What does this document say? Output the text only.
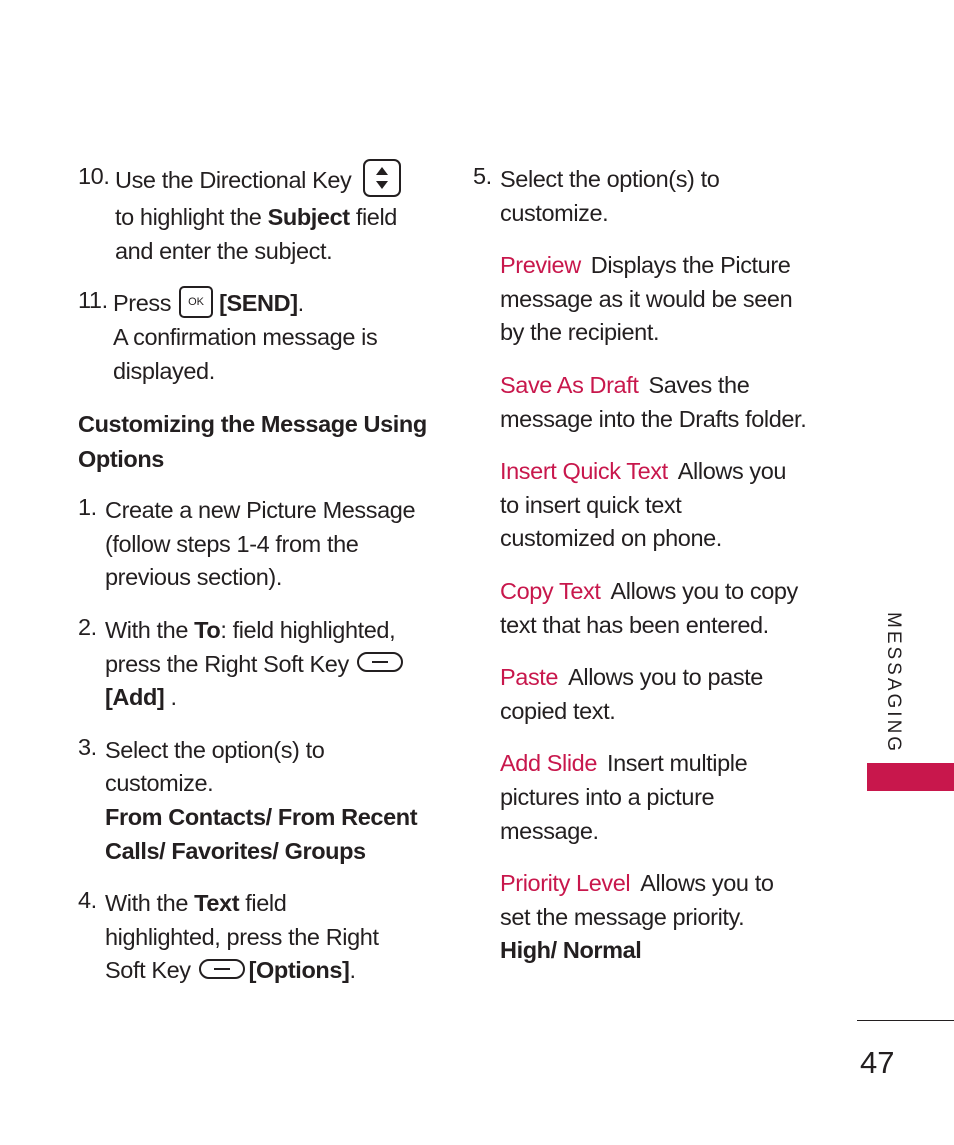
10. Use the Directional Key

to highlight the Subject field

and enter the subject.

11. Press OK [SEND].

A confirmation message is

displayed.

Customizing the Message Using

Options

1. Create a new Picture Message

(follow steps 1-4 from the

previous section).

2. With the To: field highlighted,

press the Right Soft Key

[Add] .

3. Select the option(s) to

customize.

From Contacts/ From Recent

Calls/ Favorites/ Groups

4. With the Text field

highlighted, press the Right

Soft Key [Options].

5. Select the option(s) to

customize.

Preview Displays the Picture

message as it would be seen

by the recipient.

Save As Draft Saves the

message into the Drafts folder.

Insert Quick Text Allows you

to insert quick text

customized on phone.

Copy Text Allows you to copy

text that has been entered.

Paste Allows you to paste

copied text.

Add Slide Insert multiple

pictures into a picture

message.

Priority Level Allows you to

set the message priority.

High/ Normal

MESSAGING
47
